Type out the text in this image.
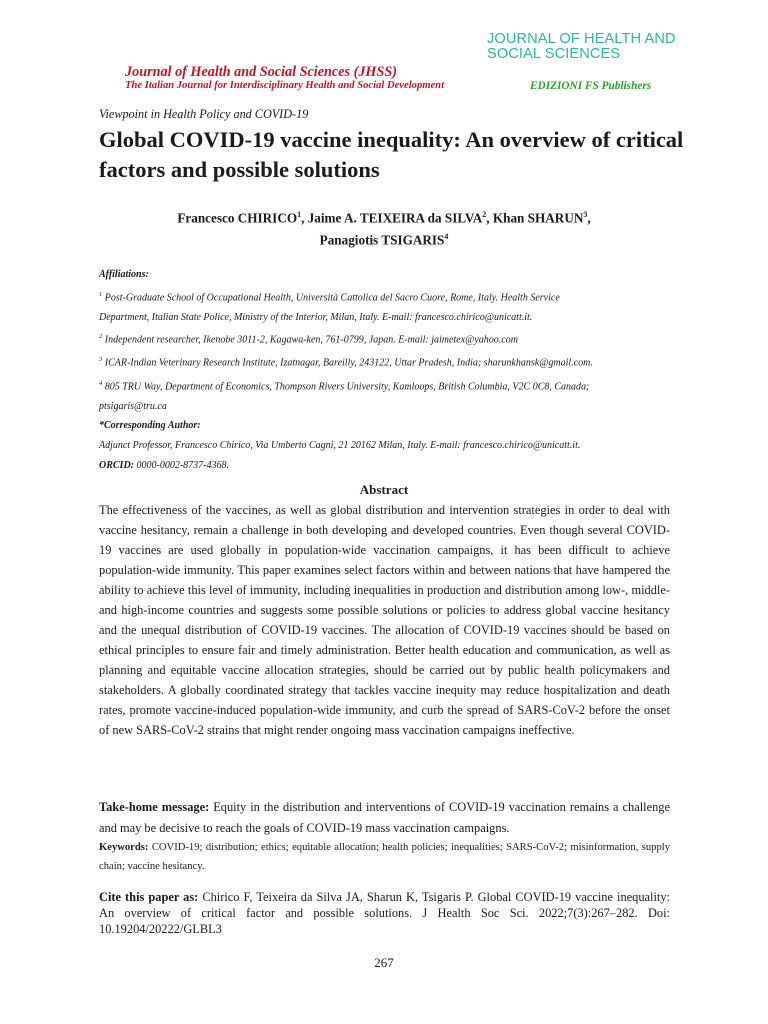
JOURNAL OF HEALTH AND
SOCIAL SCIENCES
Journal of Health and Social Sciences (JHSS)
The Italian Journal for Interdisciplinary Health and Social Development	EDIZIONI FS Publishers
Viewpoint in Health Policy and COVID-19
Global COVID-19 vaccine inequality: An overview of critical factors and possible solutions
Francesco CHIRICO$^1$, Jaime A. TEIXEIRA da SILVA$^2$, Khan SHARUN$^3$,
Panagiotis TSIGARIS$^4$
Affiliations:
$^1$ Post-Graduate School of Occupational Health, Università Cattolica del Sacro Cuore, Rome, Italy. Health Service
Department, Italian State Police, Ministry of the Interior, Milan, Italy. E-mail: francesco.chirico@unicatt.it.
$^2$ Independent researcher, Ikenobe 3011-2, Kagawa-ken, 761-0799, Japan. E-mail: jaimetex@yahoo.com
$^3$ ICAR-Indian Veterinary Research Institute, Izatnagar, Bareilly, 243122, Uttar Pradesh, India; sharunkhansk@gmail.com.
$^4$ 805 TRU Way, Department of Economics, Thompson Rivers University, Kamloops, British Columbia, V2C 0C8, Canada;
ptsigaris@tru.ca
*Corresponding Author:
Adjunct Professor, Francesco Chirico, Via Umberto Cagni, 21 20162 Milan, Italy. E-mail: francesco.chirico@unicatt.it.
ORCID: 0000-0002-8737-4368.
Abstract
The effectiveness of the vaccines, as well as global distribution and intervention strategies in order to deal with vaccine hesitancy, remain a challenge in both developing and developed countries. Even though several COVID-19 vaccines are used globally in population-wide vaccination campaigns, it has been difficult to achieve population-wide immunity. This paper examines select factors within and between nations that have hampered the ability to achieve this level of immunity, including inequalities in production and distribution among low-, middle- and high-income countries and suggests some possible solutions or policies to address global vaccine hesitancy and the unequal distribution of COVID-19 vaccines. The allocation of COVID-19 vaccines should be based on ethical principles to ensure fair and timely administration. Better health education and communication, as well as planning and equitable vaccine allocation strategies, should be carried out by public health policymakers and stakeholders. A globally coordinated strategy that tackles vaccine inequity may reduce hospitalization and death rates, promote vaccine-induced population-wide immunity, and curb the spread of SARS-CoV-2 before the onset of new SARS-CoV-2 strains that might render ongoing mass vaccination campaigns ineffective.
Take-home message: Equity in the distribution and interventions of COVID-19 vaccination remains a challenge and may be decisive to reach the goals of COVID-19 mass vaccination campaigns.
Keywords: COVID-19; distribution; ethics; equitable allocation; health policies; inequalities; SARS-CoV-2; misinformation, supply chain; vaccine hesitancy.
Cite this paper as: Chirico F, Teixeira da Silva JA, Sharun K, Tsigaris P. Global COVID-19 vaccine inequality: An overview of critical factor and possible solutions. J Health Soc Sci. 2022;7(3):267–282. Doi: 10.19204/20222/GLBL3
267
